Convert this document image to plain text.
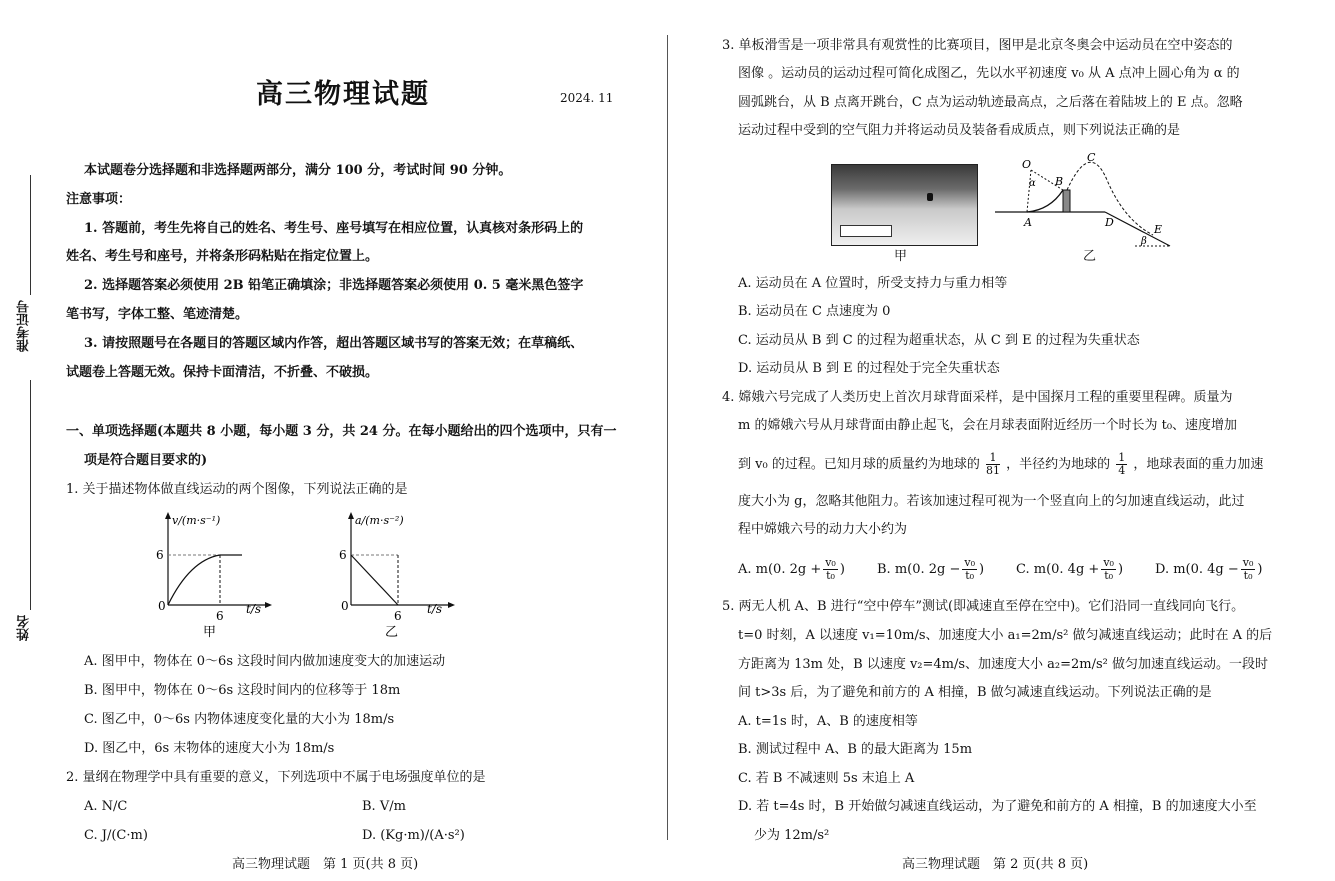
准考证号
姓名
高三物理试题	2024. 11
本试题卷分选择题和非选择题两部分，满分 100 分，考试时间 90 分钟。
注意事项：
1. 答题前，考生先将自己的姓名、考生号、座号填写在相应位置，认真核对条形码上的
姓名、考生号和座号，并将条形码粘贴在指定位置上。
2. 选择题答案必须使用 2B 铅笔正确填涂；非选择题答案必须使用 0. 5 毫米黑色签字
笔书写，字体工整、笔迹清楚。
3. 请按照题号在各题目的答题区域内作答，超出答题区域书写的答案无效；在草稿纸、
试题卷上答题无效。保持卡面清洁，不折叠、不破损。
一、单项选择题(本题共 8 小题，每小题 3 分，共 24 分。在每小题给出的四个选项中，只有一
项是符合题目要求的)
1. 关于描述物体做直线运动的两个图像，下列说法正确的是
v/(m·s⁻¹)
6
6
0	t/s
甲
a/(m·s⁻²)
6
6
0	t/s
乙
A. 图甲中，物体在 0～6s 这段时间内做加速度变大的加速运动
B. 图甲中，物体在 0～6s 这段时间内的位移等于 18m
C. 图乙中，0～6s 内物体速度变化量的大小为 18m/s
D. 图乙中，6s 末物体的速度大小为 18m/s
2. 量纲在物理学中具有重要的意义，下列选项中不属于电场强度单位的是
A. N/C	B. V/m
C. J/(C·m)	D. (Kg·m)/(A·s²)
高三物理试题　第 1 页(共 8 页)
3. 单板滑雪是一项非常具有观赏性的比赛项目，图甲是北京冬奥会中运动员在空中姿态的
图像 。运动员的运动过程可简化成图乙，先以水平初速度 v₀ 从 A 点冲上圆心角为 α 的
圆弧跳台，从 B 点离开跳台，C 点为运动轨迹最高点，之后落在着陆坡上的 E 点。忽略
运动过程中受到的空气阻力并将运动员及装备看成质点，则下列说法正确的是
甲
O
α
A
B
C
D
E
β
乙
A. 运动员在 A 位置时，所受支持力与重力相等
B. 运动员在 C 点速度为 0
C. 运动员从 B 到 C 的过程为超重状态，从 C 到 E 的过程为失重状态
D. 运动员从 B 到 E 的过程处于完全失重状态
4. 嫦娥六号完成了人类历史上首次月球背面采样，是中国探月工程的重要里程碑。质量为
m 的嫦娥六号从月球背面由静止起飞，会在月球表面附近经历一个时长为 t₀、速度增加
到 v₀ 的过程。已知月球的质量约为地球的 $\frac{1}{81}$ ，半径约为地球的 $\frac{1}{4}$ ，地球表面的重力加速
度大小为 g，忽略其他阻力。若该加速过程可视为一个竖直向上的匀加速直线运动，此过
程中嫦娥六号的动力大小约为
A. m(0. $2g + \frac{\text{v₀}}{\text{t₀}}$ ) B. m(0. $2g - \frac{\text{v₀}}{\text{t₀}}$ ) C. m(0. $4g + \frac{\text{v₀}}{\text{t₀}}$ ) D. m(0. $4g - \frac{\text{v₀}}{\text{t₀}}$ )
5. 两无人机 A、B 进行“空中停车”测试(即减速直至停在空中)。它们沿同一直线同向飞行。
t=0 时刻，A 以速度 v₁=10m/s、加速度大小 a₁=2m/s² 做匀减速直线运动；此时在 A 的后
方距离为 13m 处，B 以速度 v₂=4m/s、加速度大小 a₂=2m/s² 做匀加速直线运动。一段时
间 t>3s 后，为了避免和前方的 A 相撞，B 做匀减速直线运动。下列说法正确的是
A. t=1s 时，A、B 的速度相等
B. 测试过程中 A、B 的最大距离为 15m
C. 若 B 不减速则 5s 末追上 A
D. 若 t=4s 时，B 开始做匀减速直线运动，为了避免和前方的 A 相撞，B 的加速度大小至
少为 12m/s²
高三物理试题　第 2 页(共 8 页)
